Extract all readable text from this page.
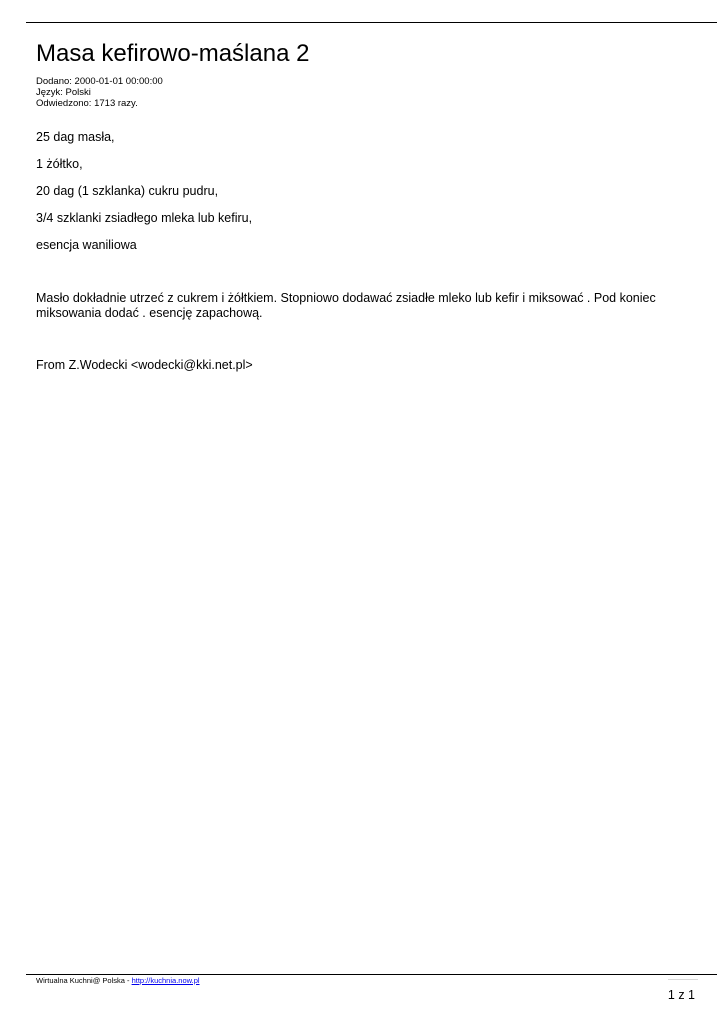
Masa kefirowo-maślana 2
Dodano: 2000-01-01 00:00:00
Język: Polski
Odwiedzono: 1713 razy.
25 dag masła,
1 żółtko,
20 dag (1 szklanka) cukru pudru,
3/4 szklanki zsiadłego mleka lub kefiru,
esencja waniliowa
Masło dokładnie utrzeć z cukrem i żółtkiem. Stopniowo dodawać zsiadłe mleko lub kefir i miksować . Pod koniec miksowania dodać . esencję zapachową.
From Z.Wodecki <wodecki@kki.net.pl>
Wirtualna Kuchni@ Polska - http://kuchnia.now.pl
1 z 1
